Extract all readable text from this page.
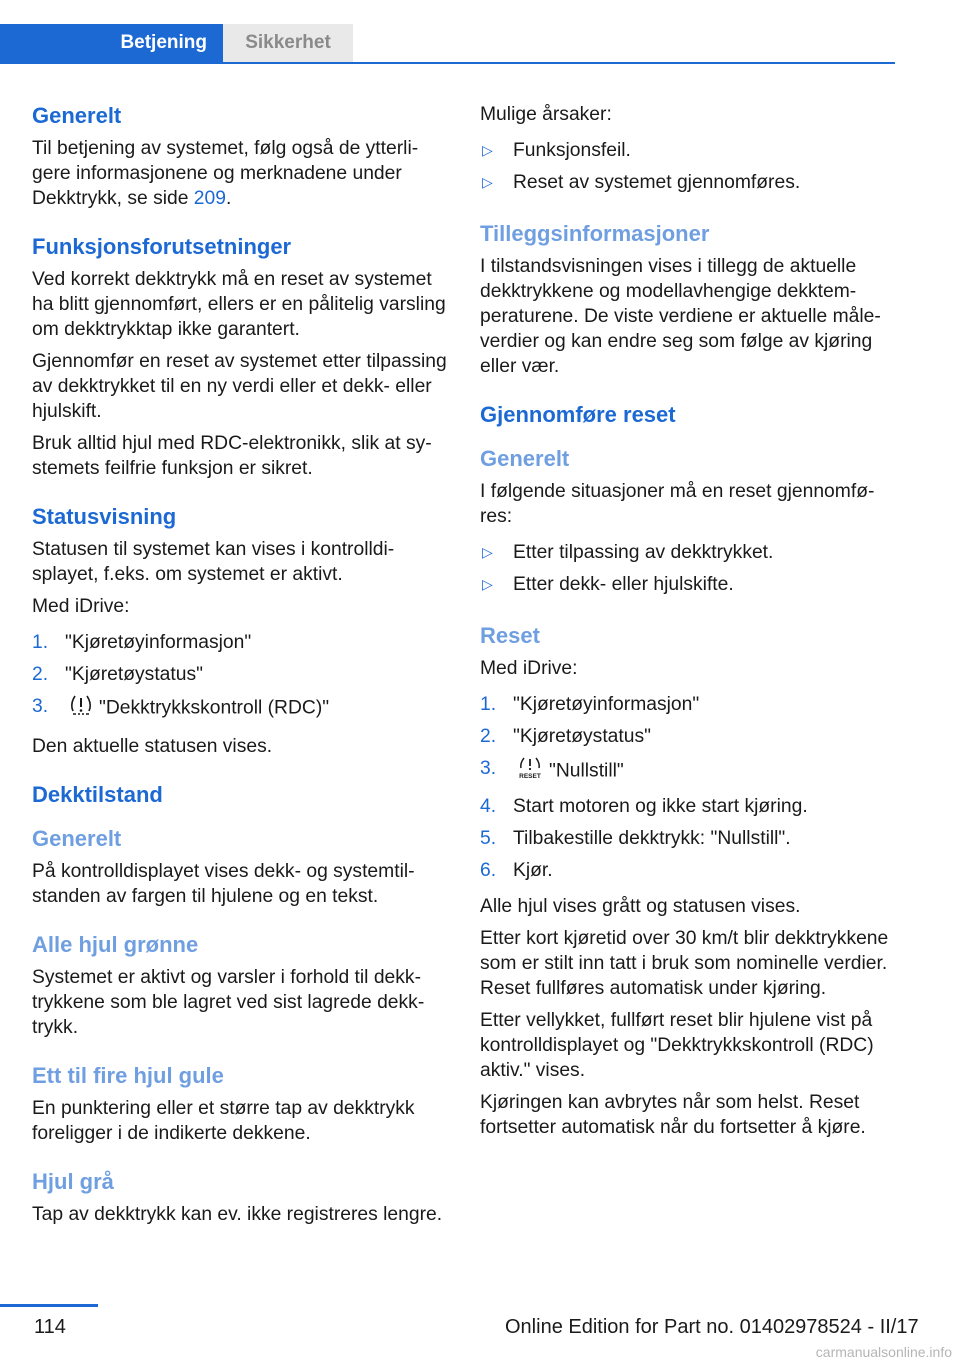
Betjening	Sikkerhet
Generelt

Til betjening av systemet, følg også de ytterligere informasjonene og merknadene under Dekktrykk, se side 209.

Funksjonsforutsetninger

Ved korrekt dekktrykk må en reset av systemet ha blitt gjennomført, ellers er en pålitelig varsling om dekktrykktap ikke garantert.

Gjennomfør en reset av systemet etter tilpassing av dekktrykket til en ny verdi eller et dekk- eller hjulskift.

Bruk alltid hjul med RDC-elektronikk, slik at systemets feilfrie funksjon er sikret.

Statusvisning

Statusen til systemet kan vises i kontrolldisplayet, f.eks. om systemet er aktivt.

Med iDrive:

1. "Kjøretøyinformasjon"
2. "Kjøretøystatus"
3.	"Dekktrykkskontroll (RDC)"

Den aktuelle statusen vises.

Dekktilstand
Generelt

På kontrolldisplayet vises dekk- og systemtilstanden av fargen til hjulene og en tekst.

Alle hjul grønne

Systemet er aktivt og varsler i forhold til dekktrykkene som ble lagret ved sist lagrede dekktrykk.

Ett til fire hjul gule

En punktering eller et større tap av dekktrykk foreligger i de indikerte dekkene.

Hjul grå

Tap av dekktrykk kan ev. ikke registreres lengre.

Mulige årsaker:

▷ Funksjonsfeil.
▷ Reset av systemet gjennomføres.
Tilleggsinformasjoner

I tilstandsvisningen vises i tillegg de aktuelle dekktrykkene og modellavhengige dekktemperaturene. De viste verdiene er aktuelle måleverdier og kan endre seg som følge av kjøring eller vær.

Gjennomføre reset
Generelt

I følgende situasjoner må en reset gjennomføres:

▷ Etter tilpassing av dekktrykket.
▷ Etter dekk- eller hjulskifte.
Reset

Med iDrive:

1. "Kjøretøyinformasjon"
2. "Kjøretøystatus"
3.	RESET "Nullstill"
4. Start motoren og ikke start kjøring.
5. Tilbakestille dekktrykk: "Nullstill".
6. Kjør.

Alle hjul vises grått og statusen vises.

Etter kort kjøretid over 30 km/t blir dekktrykkene som er stilt inn tatt i bruk som nominelle verdier. Reset fullføres automatisk under kjøring.

Etter vellykket, fullført reset blir hjulene vist på kontrolldisplayet og "Dekktrykkskontroll (RDC) aktiv." vises.

Kjøringen kan avbrytes når som helst. Reset fortsetter automatisk når du fortsetter å kjøre.

114	Online Edition for Part no. 01402978524 - II/17
carmanualsonline.info
